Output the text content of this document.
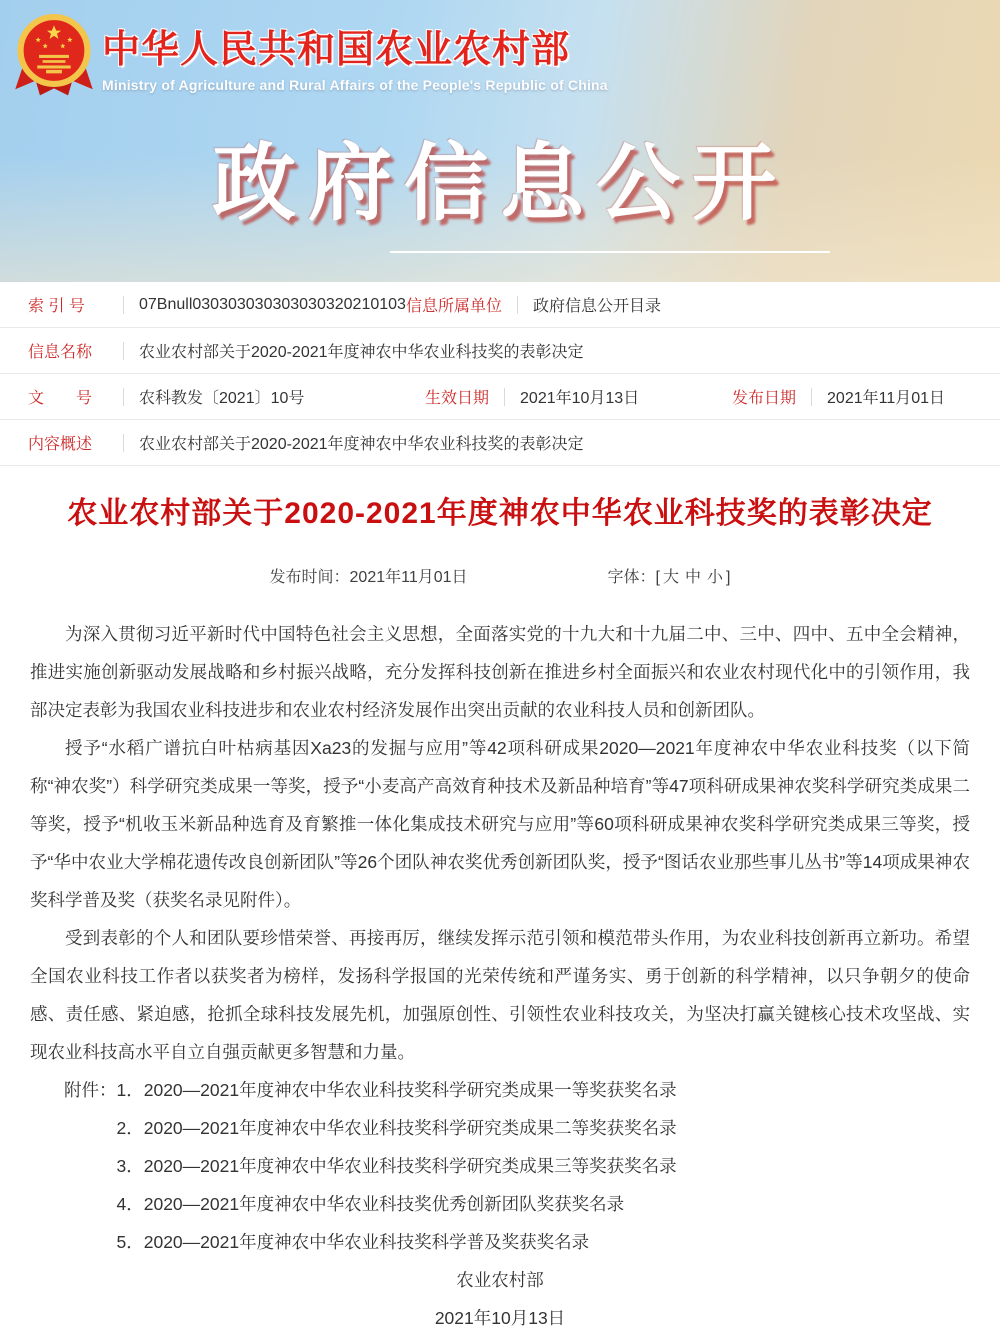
中华人民共和国农业农村部
Ministry of Agriculture and Rural Affairs of the People's Republic of China
政府信息公开
索 引 号	07Bnull030303030303030320210103 信息所属单位 政府信息公开目录
信息名称	农业农村部关于2020-2021年度神农中华农业科技奖的表彰决定
文　　号	农科教发〔2021〕10号	生效日期 2021年10月13日	发布日期 2021年11月01日
内容概述	农业农村部关于2020-2021年度神农中华农业科技奖的表彰决定
农业农村部关于2020-2021年度神农中华农业科技奖的表彰决定
发布时间：2021年11月01日	字体：[ 大 中 小 ]

为深入贯彻习近平新时代中国特色社会主义思想，全面落实党的十九大和十九届二中、三中、四中、五中全会精神，推进实施创新驱动发展战略和乡村振兴战略，充分发挥科技创新在推进乡村全面振兴和农业农村现代化中的引领作用，我部决定表彰为我国农业科技进步和农业农村经济发展作出突出贡献的农业科技人员和创新团队。

授予“水稻广谱抗白叶枯病基因Xa23的发掘与应用”等42项科研成果2020—2021年度神农中华农业科技奖（以下简称“神农奖”）科学研究类成果一等奖，授予“小麦高产高效育种技术及新品种培育”等47项科研成果神农奖科学研究类成果二等奖，授予“机收玉米新品种选育及育繁推一体化集成技术研究与应用”等60项科研成果神农奖科学研究类成果三等奖，授予“华中农业大学棉花遗传改良创新团队”等26个团队神农奖优秀创新团队奖，授予“图话农业那些事儿丛书”等14项成果神农奖科学普及奖（获奖名录见附件）。

受到表彰的个人和团队要珍惜荣誉、再接再厉，继续发挥示范引领和模范带头作用，为农业科技创新再立新功。希望全国农业科技工作者以获奖者为榜样，发扬科学报国的光荣传统和严谨务实、勇于创新的科学精神，以只争朝夕的使命感、责任感、紧迫感，抢抓全球科技发展先机，加强原创性、引领性农业科技攻关，为坚决打赢关键核心技术攻坚战、实现农业科技高水平自立自强贡献更多智慧和力量。

附件：1．2020—2021年度神农中华农业科技奖科学研究类成果一等奖获奖名录
2．2020—2021年度神农中华农业科技奖科学研究类成果二等奖获奖名录
3．2020—2021年度神农中华农业科技奖科学研究类成果三等奖获奖名录
4．2020—2021年度神农中华农业科技奖优秀创新团队奖获奖名录
5．2020—2021年度神农中华农业科技奖科学普及奖获奖名录
农业农村部
2021年10月13日
